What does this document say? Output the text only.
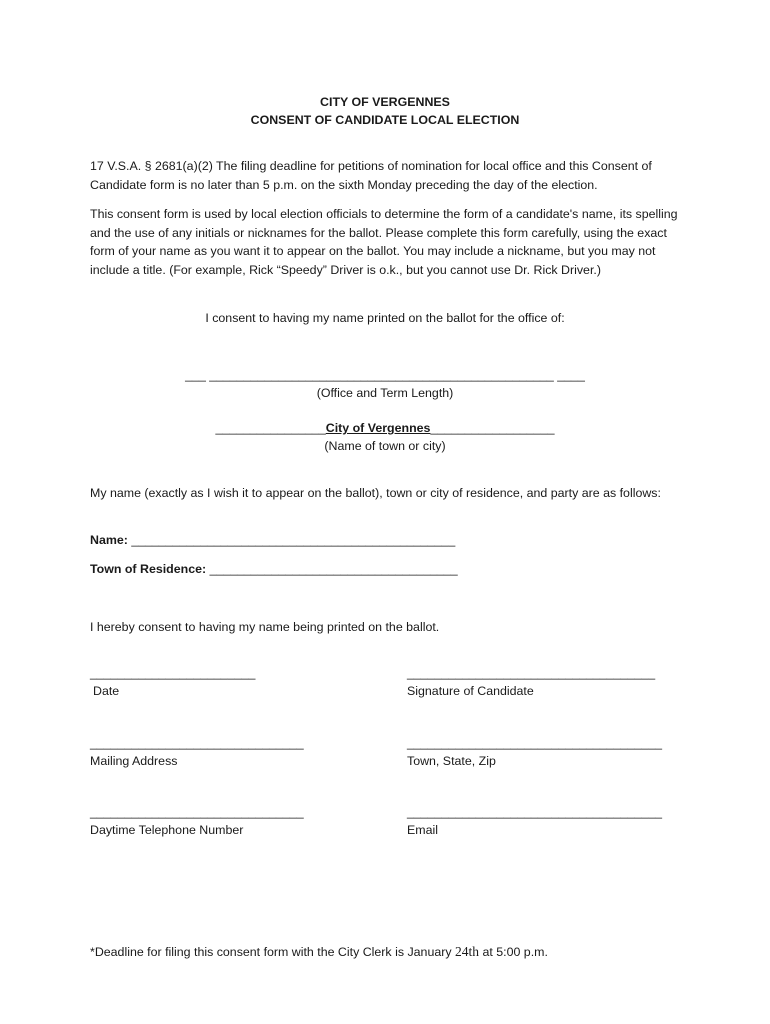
CITY OF VERGENNES
CONSENT OF CANDIDATE LOCAL ELECTION
17 V.S.A. § 2681(a)(2) The filing deadline for petitions of nomination for local office and this Consent of Candidate form is no later than 5 p.m. on the sixth Monday preceding the day of the election.
This consent form is used by local election officials to determine the form of a candidate's name, its spelling and the use of any initials or nicknames for the ballot. Please complete this form carefully, using the exact form of your name as you want it to appear on the ballot. You may include a nickname, but you may not include a title. (For example, Rick “Speedy” Driver is o.k., but you cannot use Dr. Rick Driver.)
I consent to having my name printed on the ballot for the office of:
___ __________________________________________________ ____
(Office and Term Length)
________________City of Vergennes__________________
(Name of town or city)
My name (exactly as I wish it to appear on the ballot), town or city of residence, and party are as follows:
Name: _______________________________________________
Town of Residence: ____________________________________
I hereby consent to having my name being printed on the ballot.
________________________
Date
____________________________________
Signature of Candidate
_______________________________
Mailing Address
_____________________________________
Town, State, Zip
_______________________________
Daytime Telephone Number
_____________________________________
Email
*Deadline for filing this consent form with the City Clerk is January 24th at 5:00 p.m.
